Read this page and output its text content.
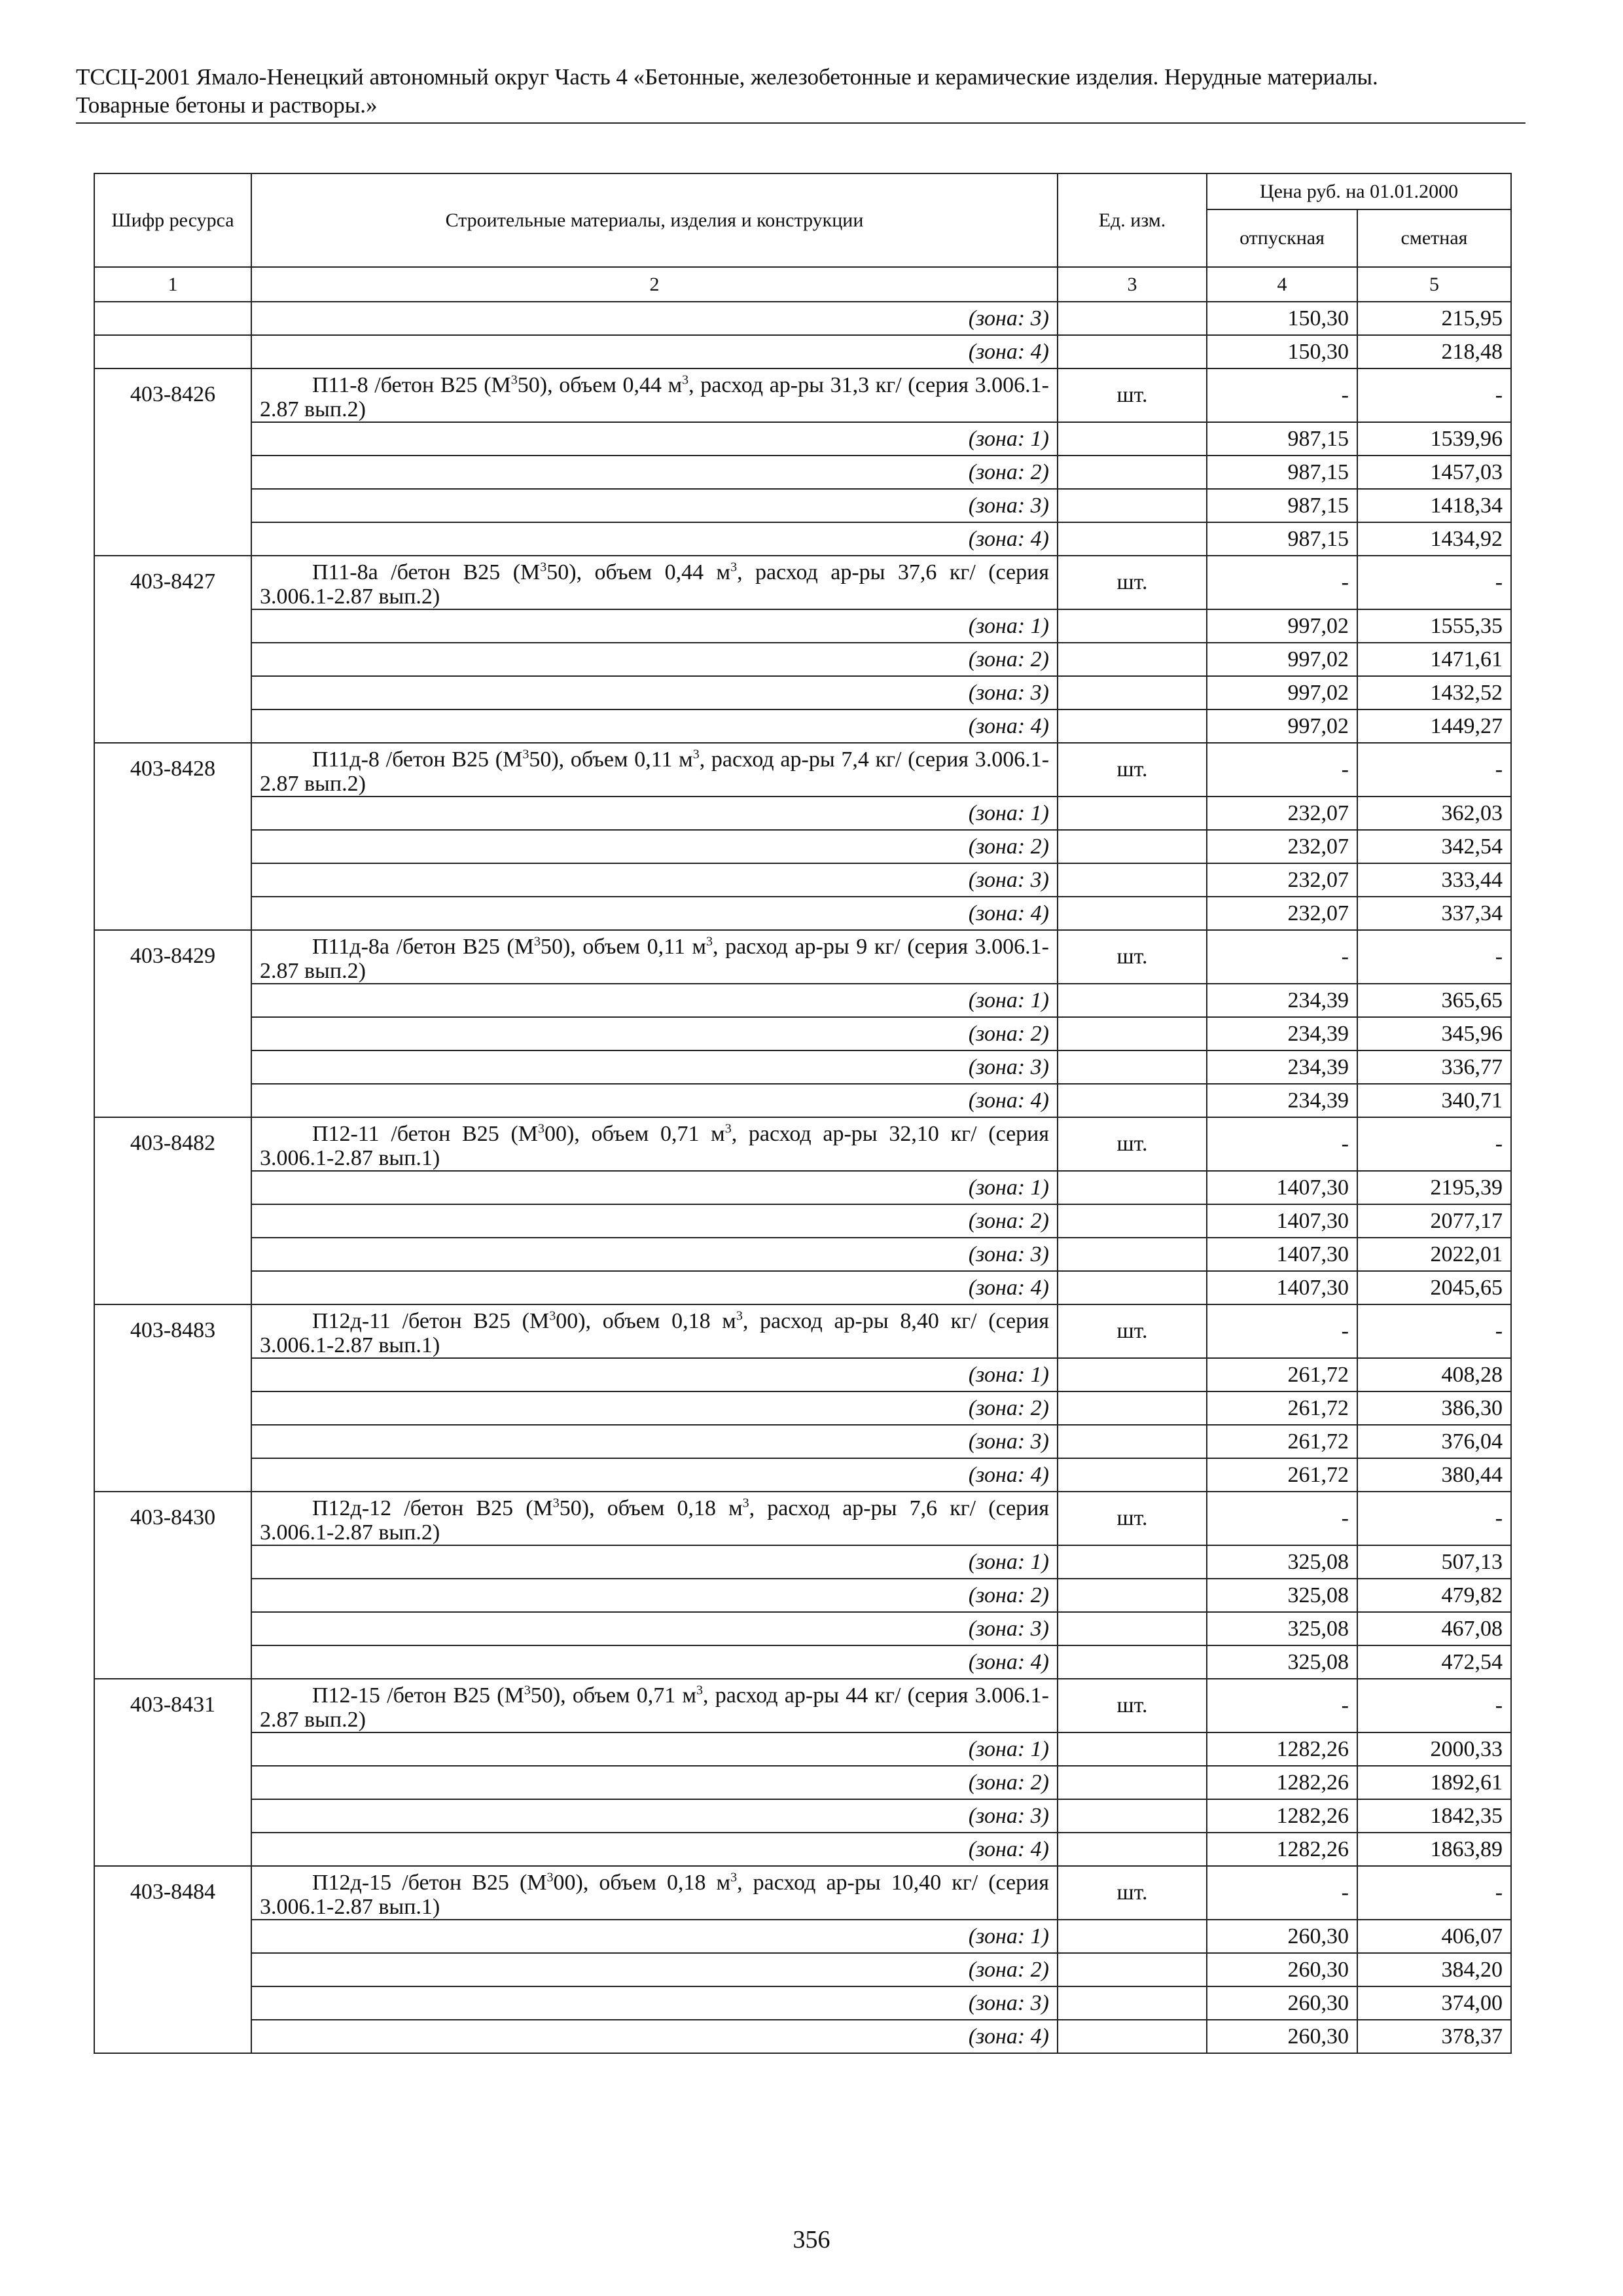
ТССЦ-2001 Ямало-Ненецкий автономный округ Часть 4 «Бетонные, железобетонные и керамические изделия. Нерудные материалы.
Товарные бетоны и растворы.»
Шифр ресурса	Строительные материалы, изделия и конструкции	Ед. изм.	Цена руб. на 01.01.2000	
			отпускная	сметная
1	2	3	4	5
	(зона: 3)		150,30	215,95
	(зона: 4)		150,30	218,48
403-8426	П11-8 /бетон В25 $(М^350)$, объем 0,44 $м^3$, расход ар-ры 31,3 кг/ (серия 3.006.1-2.87 вып.2)	шт.	-	-
	(зона: 1)		987,15	1539,96
	(зона: 2)		987,15	1457,03
	(зона: 3)		987,15	1418,34
	(зона: 4)		987,15	1434,92
403-8427	П11-8а /бетон В25 $(М^350)$, объем 0,44 $м^3$, расход ар-ры 37,6 кг/ (серия 3.006.1-2.87 вып.2)	шт.	-	-
	(зона: 1)		997,02	1555,35
	(зона: 2)		997,02	1471,61
	(зона: 3)		997,02	1432,52
	(зона: 4)		997,02	1449,27
403-8428	П11д-8 /бетон В25 $(М^350)$, объем 0,11 $м^3$, расход ар-ры 7,4 кг/ (серия 3.006.1-2.87 вып.2)	шт.	-	-
	(зона: 1)		232,07	362,03
	(зона: 2)		232,07	342,54
	(зона: 3)		232,07	333,44
	(зона: 4)		232,07	337,34
403-8429	П11д-8а /бетон В25 $(М^350)$, объем 0,11 $м^3$, расход ар-ры 9 кг/ (серия 3.006.1-2.87 вып.2)	шт.	-	-
	(зона: 1)		234,39	365,65
	(зона: 2)		234,39	345,96
	(зона: 3)		234,39	336,77
	(зона: 4)		234,39	340,71
403-8482	П12-11 /бетон В25 $(М^300)$, объем 0,71 $м^3$, расход ар-ры 32,10 кг/ (серия 3.006.1-2.87 вып.1)	шт.	-	-
	(зона: 1)		1407,30	2195,39
	(зона: 2)		1407,30	2077,17
	(зона: 3)		1407,30	2022,01
	(зона: 4)		1407,30	2045,65
403-8483	П12д-11 /бетон В25 $(М^300)$, объем 0,18 $м^3$, расход ар-ры 8,40 кг/ (серия 3.006.1-2.87 вып.1)	шт.	-	-
	(зона: 1)		261,72	408,28
	(зона: 2)		261,72	386,30
	(зона: 3)		261,72	376,04
	(зона: 4)		261,72	380,44
403-8430	П12д-12 /бетон В25 $(М^350)$, объем 0,18 $м^3$, расход ар-ры 7,6 кг/ (серия 3.006.1-2.87 вып.2)	шт.	-	-
	(зона: 1)		325,08	507,13
	(зона: 2)		325,08	479,82
	(зона: 3)		325,08	467,08
	(зона: 4)		325,08	472,54
403-8431	П12-15 /бетон В25 $(М^350)$, объем 0,71 $м^3$, расход ар-ры 44 кг/ (серия 3.006.1-2.87 вып.2)	шт.	-	-
	(зона: 1)		1282,26	2000,33
	(зона: 2)		1282,26	1892,61
	(зона: 3)		1282,26	1842,35
	(зона: 4)		1282,26	1863,89
403-8484	П12д-15 /бетон В25 $(М^300)$, объем 0,18 $м^3$, расход ар-ры 10,40 кг/ (серия 3.006.1-2.87 вып.1)	шт.	-	-
	(зона: 1)		260,30	406,07
	(зона: 2)		260,30	384,20
	(зона: 3)		260,30	374,00
	(зона: 4)		260,30	378,37
356
